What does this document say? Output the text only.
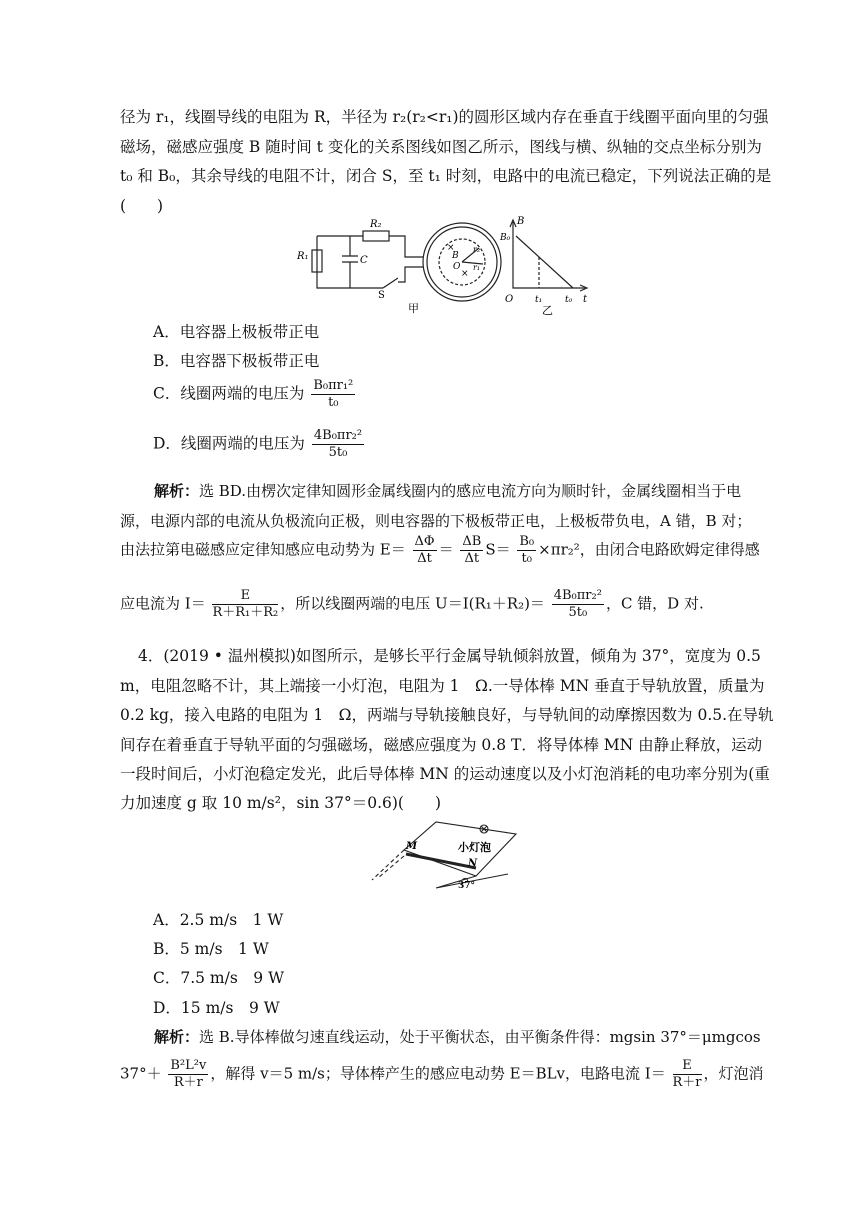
径为 r₁，线圈导线的电阻为 R，半径为 r₂(r₂<r₁)的圆形区域内存在垂直于线圈平面向里的匀强
磁场，磁感应强度 B 随时间 t 变化的关系图线如图乙所示，图线与横、纵轴的交点坐标分别为
t₀ 和 B₀，其余导线的电阻不计，闭合 S，至 t₁ 时刻，电路中的电流已稳定，下列说法正确的是
(　　)
R₁
R₂
C
S
×
B
O
×
r₂
r₁
甲
B
B₀
O t₁	t₀ t
乙
A．电容器上极板带正电
B．电容器下极板带正电
C．线圈两端的电压为 $\frac{\text{B₀πr₁²}}{\text{t₀}}$
D．线圈两端的电压为 $\frac{\text{4B₀πr₂²}}{\text{5t₀}}$
解析：选 BD.由楞次定律知圆形金属线圈内的感应电流方向为顺时针，金属线圈相当于电
源，电源内部的电流从负极流向正极，则电容器的下极板带正电，上极板带负电，A 错，B 对；
由法拉第电磁感应定律知感应电动势为 $E= \frac{\Delta\Phi}{\Delta t} = \frac{\Delta B}{\Delta t} S= \frac{\text{B₀}}{\text{t₀}} \times\pi r_2^2$，由闭合电路欧姆定律得感
应电流为 $I= \frac{E}{\text{R＋R₁＋R₂}}$ ，所以线圈两端的电压 $U=I(R_1+R_2)= \frac{\text{4B₀πr₂²}}{\text{5t₀}}$ ，C 错，D 对.
4．(2019 • 温州模拟)如图所示，是够长平行金属导轨倾斜放置，倾角为 37°，宽度为 0.5
m，电阻忽略不计，其上端接一小灯泡，电阻为 1　Ω.一导体棒 MN 垂直于导轨放置，质量为
0.2 kg，接入电路的电阻为 1　Ω，两端与导轨接触良好，与导轨间的动摩擦因数为 0.5.在导轨
间存在着垂直于导轨平面的匀强磁场，磁感应强度为 0.8 T．将导体棒 MN 由静止释放，运动
一段时间后，小灯泡稳定发光，此后导体棒 MN 的运动速度以及小灯泡消耗的电功率分别为(重
力加速度 g 取 10 m/s²，sin 37°＝0.6)(　　)
M
N
小灯泡
37°
A．2.5 m/s　1 W
B．5 m/s　1 W
C．7.5 m/s　9 W
D．15 m/s　9 W
解析：选 B.导体棒做匀速直线运动，处于平衡状态，由平衡条件得：mgsin 37°＝μmgcos
$37^\circ+ \frac{\text{B²L²v}}{R+r}$ ，解得 v＝5 m/s；导体棒产生的感应电动势 E＝BLv，电路电流 $I= \frac{E}{R+r}$ ，灯泡消
